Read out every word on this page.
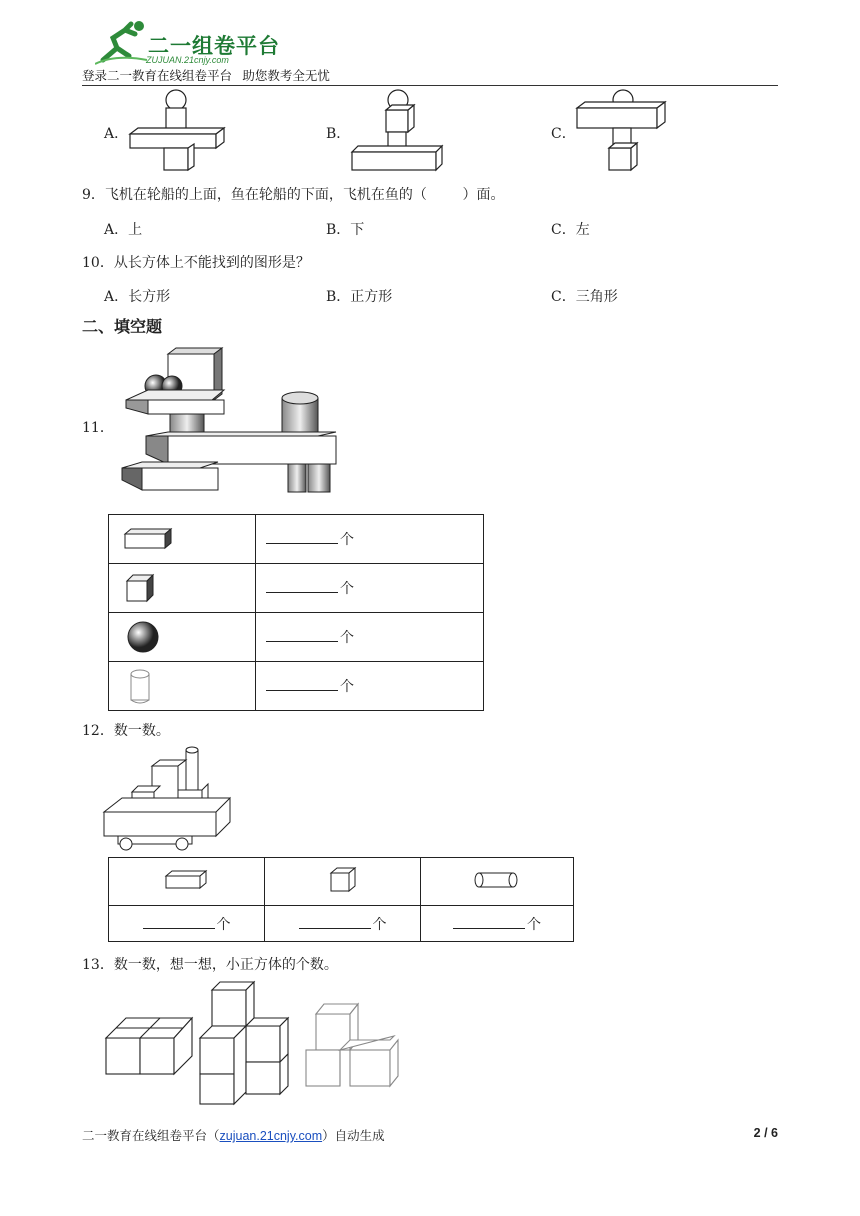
二一组卷平台
ZUJUAN.21cnjy.com
登录二一教育在线组卷平台   助您教考全无忧
A．	B．	C．
9．飞机在轮船的上面，鱼在轮船的下面，飞机在鱼的（        ）面。
A．上	B．下	C．左
10．从长方体上不能找到的图形是？
A．长方形	B．正方形	C．三角形
二、填空题
11．
	个

	个

	个

	个
12．数一数。

个	个	个
13．数一数，想一想，小正方体的个数。
二一教育在线组卷平台（zujuan.21cnjy.com）自动生成	2 / 6
